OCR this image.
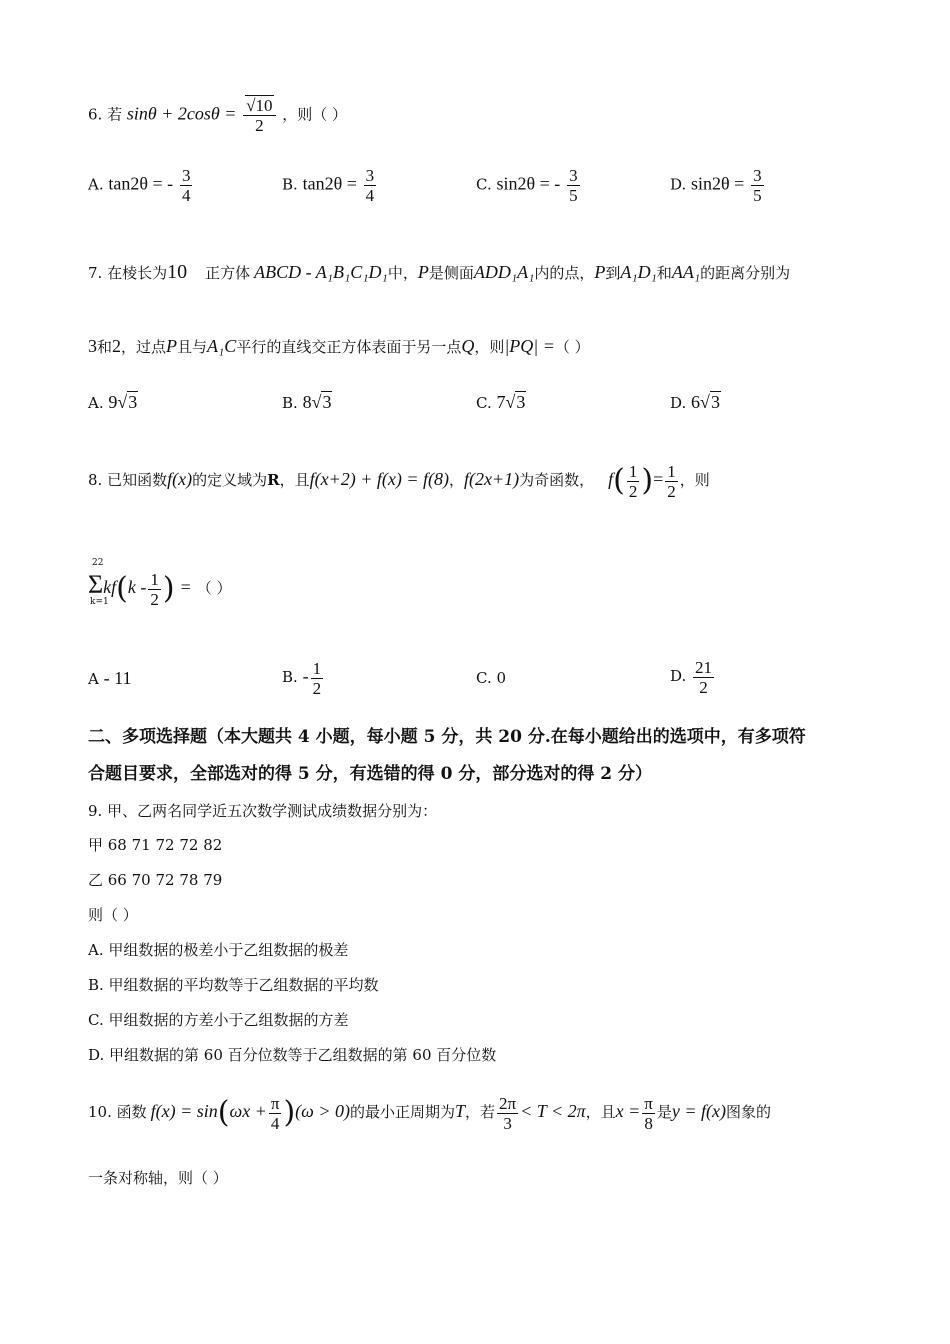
6. 若 $\sin\theta + 2\cos\theta = \frac{√10}{2}$ ，则（ ）
A. tan2θ = - $\frac{3}{4}$	B. $\tan 2\theta = \frac{3}{4}$	C. sin2θ = - $\frac{3}{5}$	D. $\sin 2\theta = \frac{3}{5}$
7. 在棱长为10 正方体 ABCD - A₁B₁C₁D₁中，P是侧面ADD₁A₁内的点，P到A₁D₁和AA₁的距离分别为
3和2，过点P且与A₁C平行的直线交正方体表面于另一点Q，则|PQ| =（ ）
A. 9√3	B. 8√3	C. 7√3	D. 6√3
8. 已知函数f(x)的定义域为R，且f(x+2) + f(x) = f(8)，f(2x+1)为奇函数， $f( \frac{1}{2}$ )= $\frac{1}{2}$ ，则
$\Sigma kf(k - \frac{1}{2}$ ) = （ ）
22
k=1
A - 11	B. - $\frac{1}{2}$	C. 0	D. $\frac{21}{2}$
二、多项选择题（本大题共 4 小题，每小题 5 分，共 20 分.在每小题给出的选项中，有多项符
合题目要求，全部选对的得 5 分，有选错的得 0 分，部分选对的得 2 分）
9. 甲、乙两名同学近五次数学测试成绩数据分别为：
甲 68 71 72 72 82
乙 66 70 72 78 79
则（ ）
A. 甲组数据的极差小于乙组数据的极差
B. 甲组数据的平均数等于乙组数据的平均数
C. 甲组数据的方差小于乙组数据的方差
D. 甲组数据的第 60 百分位数等于乙组数据的第 60 百分位数
10. 函数 $f(x) = \sin(\omega x + \frac{\pi}{4} )(\omega > 0)$的最小正周期为T，若 $\frac{2\pi}{3} < T < 2\pi$，且$x = \frac{\pi}{8}$ 是y = f(x)图象的
一条对称轴，则（ ）
